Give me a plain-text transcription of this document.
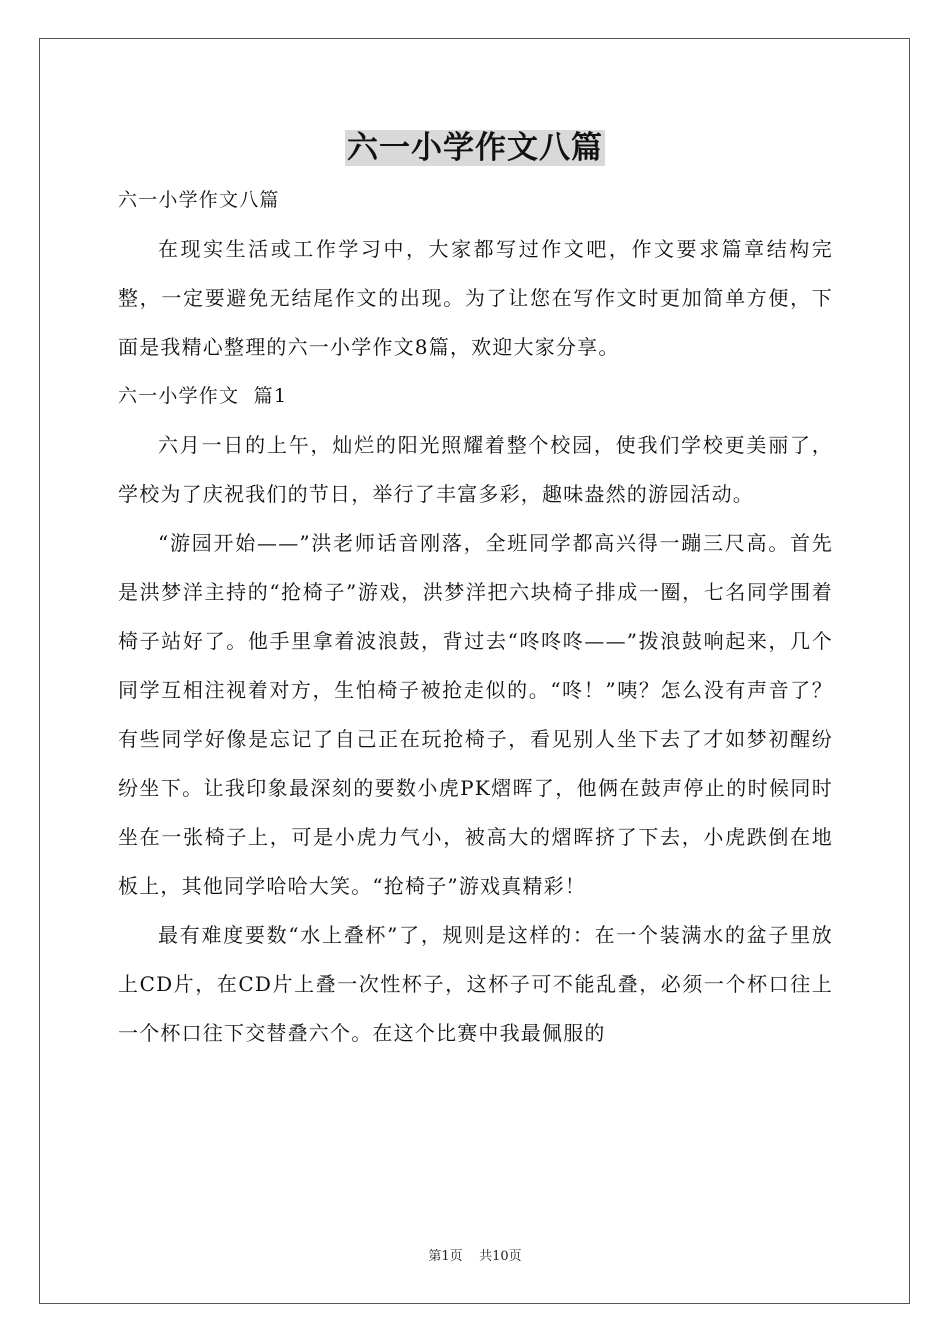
六一小学作文八篇

六一小学作文八篇

在现实生活或工作学习中，大家都写过作文吧，作文要求篇章结构完整，一定要避免无结尾作文的出现。为了让您在写作文时更加简单方便，下面是我精心整理的六一小学作文8篇，欢迎大家分享。

六一小学作文  篇1

六月一日的上午，灿烂的阳光照耀着整个校园，使我们学校更美丽了，学校为了庆祝我们的节日，举行了丰富多彩，趣味盎然的游园活动。

“游园开始——”洪老师话音刚落，全班同学都高兴得一蹦三尺高。首先是洪梦洋主持的“抢椅子”游戏，洪梦洋把六块椅子排成一圈，七名同学围着椅子站好了。他手里拿着波浪鼓，背过去“咚咚咚——”拨浪鼓响起来，几个同学互相注视着对方，生怕椅子被抢走似的。“咚！”咦？怎么没有声音了？有些同学好像是忘记了自己正在玩抢椅子，看见别人坐下去了才如梦初醒纷纷坐下。让我印象最深刻的要数小虎PK熠晖了，他俩在鼓声停止的时候同时坐在一张椅子上，可是小虎力气小，被高大的熠晖挤了下去，小虎跌倒在地板上，其他同学哈哈大笑。“抢椅子”游戏真精彩！

最有难度要数“水上叠杯”了，规则是这样的：在一个装满水的盆子里放上CD片，在CD片上叠一次性杯子，这杯子可不能乱叠，必须一个杯口往上一个杯口往下交替叠六个。在这个比赛中我最佩服的

第1页 共10页
